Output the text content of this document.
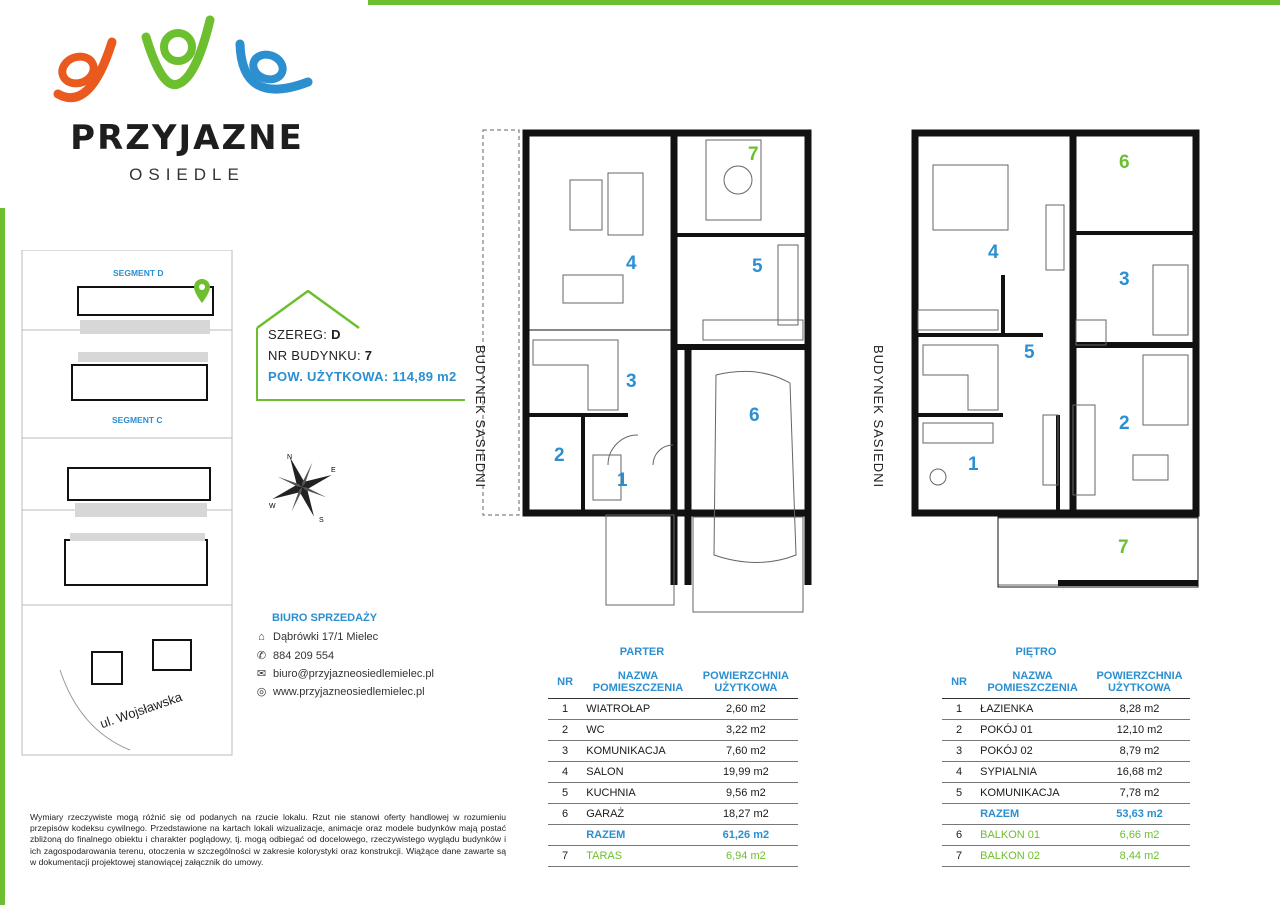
PRZYJAZNE
OSIEDLE
SEGMENT D
SEGMENT C
ul. Wojsławska
N
E
W
S
SZEREG: D
NR BUDYNKU: 7
POW. UŻYTKOWA: 114,89 m2
BIURO SPRZEDAŻY
⌂ Dąbrówki 17/1 Mielec
✆ 884 209 554
✉ biuro@przyjazneosiedlemielec.pl
◎ www.przyjazneosiedlemielec.pl
Wymiary rzeczywiste mogą różnić się od podanych na rzucie lokalu. Rzut nie stanowi oferty handlowej w rozumieniu przepisów kodeksu cywilnego. Przedstawione na kartach lokali wizualizacje, animacje oraz modele budynków mają postać zbliżoną do finalnego obiektu i charakter poglądowy, tj. mogą odbiegać od docelowego, rzeczywistego wyglądu budynków i ich zagospodarowania terenu, otoczenia w szczególności w zakresie kolorystyki oraz konstrukcji. Wiążące dane zawarte są w dokumentacji projektowej stanowiącej załącznik do umowy.
1
2
3
4	5
6
7
BUDYNEK SASIEDNI	1
2
3
4
5
6
7
BUDYNEK SASIEDNI
PARTER	PIĘTRO
NR	NAZWA POMIESZCZENIA	POWIERZCHNIA UŻYTKOWA
1	WIATROŁAP	2,60 m2
2	WC	3,22 m2
3	KOMUNIKACJA	7,60 m2
4	SALON	19,99 m2
5	KUCHNIA	9,56 m2
6	GARAŻ	18,27 m2
	RAZEM	61,26 m2
7	TARAS	6,94 m2
NR	NAZWA POMIESZCZENIA	POWIERZCHNIA UŻYTKOWA
1	ŁAZIENKA	8,28 m2
2	POKÓJ 01	12,10 m2
3	POKÓJ 02	8,79 m2
4	SYPIALNIA	16,68 m2
5	KOMUNIKACJA	7,78 m2
	RAZEM	53,63 m2
6	BALKON 01	6,66 m2
7	BALKON 02	8,44 m2
